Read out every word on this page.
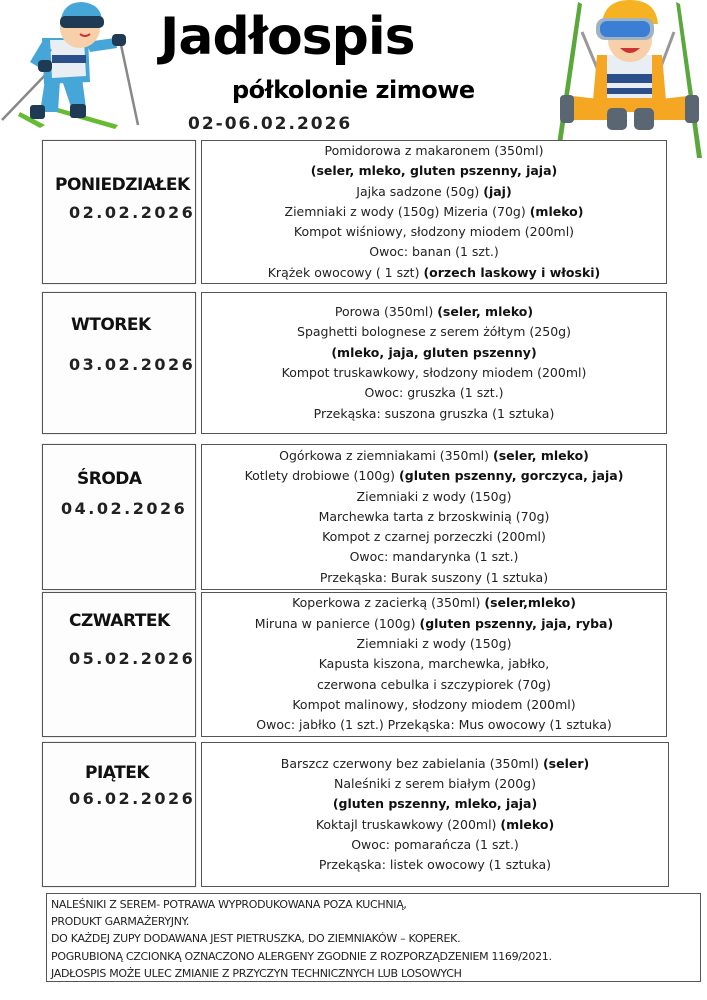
Jadłospis
półkolonie zimowe
02-06.02.2026
PONIEDZIAŁEK
02.02.2026
Pomidorowa z makaronem (350ml)
(seler, mleko, gluten pszenny, jaja)
Jajka sadzone (50g) (jaj)
Ziemniaki z wody (150g) Mizeria (70g) (mleko)
Kompot wiśniowy, słodzony miodem (200ml)
Owoc: banan (1 szt.)
Krążek owocowy ( 1 szt) (orzech laskowy i włoski)
WTOREK
03.02.2026
Porowa (350ml) (seler, mleko)
Spaghetti bolognese z serem żółtym (250g)
(mleko, jaja, gluten pszenny)
Kompot truskawkowy, słodzony miodem (200ml)
Owoc: gruszka (1 szt.)
Przekąska: suszona gruszka (1 sztuka)
ŚRODA
04.02.2026
Ogórkowa z ziemniakami (350ml) (seler, mleko)
Kotlety drobiowe (100g) (gluten pszenny, gorczyca, jaja)
Ziemniaki z wody (150g)
Marchewka tarta z brzoskwinią (70g)
Kompot z czarnej porzeczki (200ml)
Owoc: mandarynka (1 szt.)
Przekąska: Burak suszony (1 sztuka)
CZWARTEK
05.02.2026
Koperkowa z zacierką (350ml) (seler,mleko)
Miruna w panierce (100g) (gluten pszenny, jaja, ryba)
Ziemniaki z wody (150g)
Kapusta kiszona, marchewka, jabłko,
czerwona cebulka i szczypiorek (70g)
Kompot malinowy, słodzony miodem (200ml)
Owoc: jabłko (1 szt.) Przekąska: Mus owocowy (1 sztuka)
PIĄTEK
06.02.2026
Barszcz czerwony bez zabielania (350ml) (seler)
Naleśniki z serem białym (200g)
(gluten pszenny, mleko, jaja)
Koktajl truskawkowy (200ml) (mleko)
Owoc: pomarańcza (1 szt.)
Przekąska: listek owocowy (1 sztuka)
NALEŚNIKI Z SEREM- POTRAWA WYPRODUKOWANA POZA KUCHNIĄ,
PRODUKT GARMAŻERYJNY.
DO KAŻDEJ ZUPY DODAWANA JEST PIETRUSZKA, DO ZIEMNIAKÓW – KOPEREK.
POGRUBIONĄ CZCIONKĄ OZNACZONO ALERGENY ZGODNIE Z ROZPORZĄDZENIEM 1169/2021.
JADŁOSPIS MOŻE ULEC ZMIANIE Z PRZYCZYN TECHNICZNYCH LUB LOSOWYCH
